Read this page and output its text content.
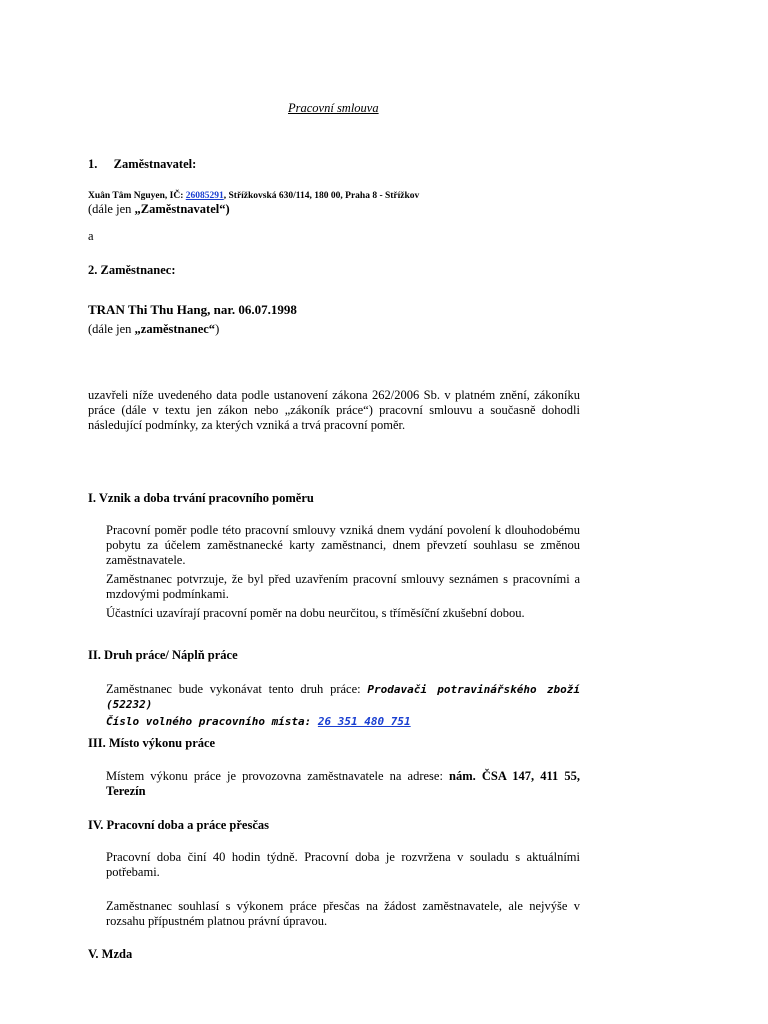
Pracovní smlouva
1. Zaměstnavatel:
Xuân Tâm Nguyen, IČ: 26085291, Střížkovská 630/114, 180 00, Praha 8 - Střížkov
(dále jen „Zaměstnavatel“)
a
2. Zaměstnanec:
TRAN Thi Thu Hang, nar. 06.07.1998
(dále jen „zaměstnanec“)
uzavřeli níže uvedeného data podle ustanovení zákona 262/2006 Sb. v platném znění, zákoníku práce (dále v textu jen zákon nebo „zákoník práce“) pracovní smlouvu a současně dohodli následující podmínky, za kterých vzniká a trvá pracovní poměr.
I. Vznik a doba trvání pracovního poměru
Pracovní poměr podle této pracovní smlouvy vzniká dnem vydání povolení k dlouhodobému pobytu za účelem zaměstnanecké karty zaměstnanci, dnem převzetí souhlasu se změnou zaměstnavatele.
Zaměstnanec potvrzuje, že byl před uzavřením pracovní smlouvy seznámen s pracovními a mzdovými podmínkami.
Účastníci uzavírají pracovní poměr na dobu neurčitou, s tříměsíční zkušební dobou.
II. Druh práce/ Náplň práce
Zaměstnanec bude vykonávat tento druh práce: Prodavači potravinářského zboží (52232)
Číslo volného pracovního místa: 26 351 480 751
III. Místo výkonu práce
Místem výkonu práce je provozovna zaměstnavatele na adrese: nám. ČSA 147, 411 55, Terezín
IV. Pracovní doba a práce přesčas
Pracovní doba činí 40 hodin týdně. Pracovní doba je rozvržena v souladu s aktuálními potřebami.
Zaměstnanec souhlasí s výkonem práce přesčas na žádost zaměstnavatele, ale nejvýše v rozsahu přípustném platnou právní úpravou.
V. Mzda
